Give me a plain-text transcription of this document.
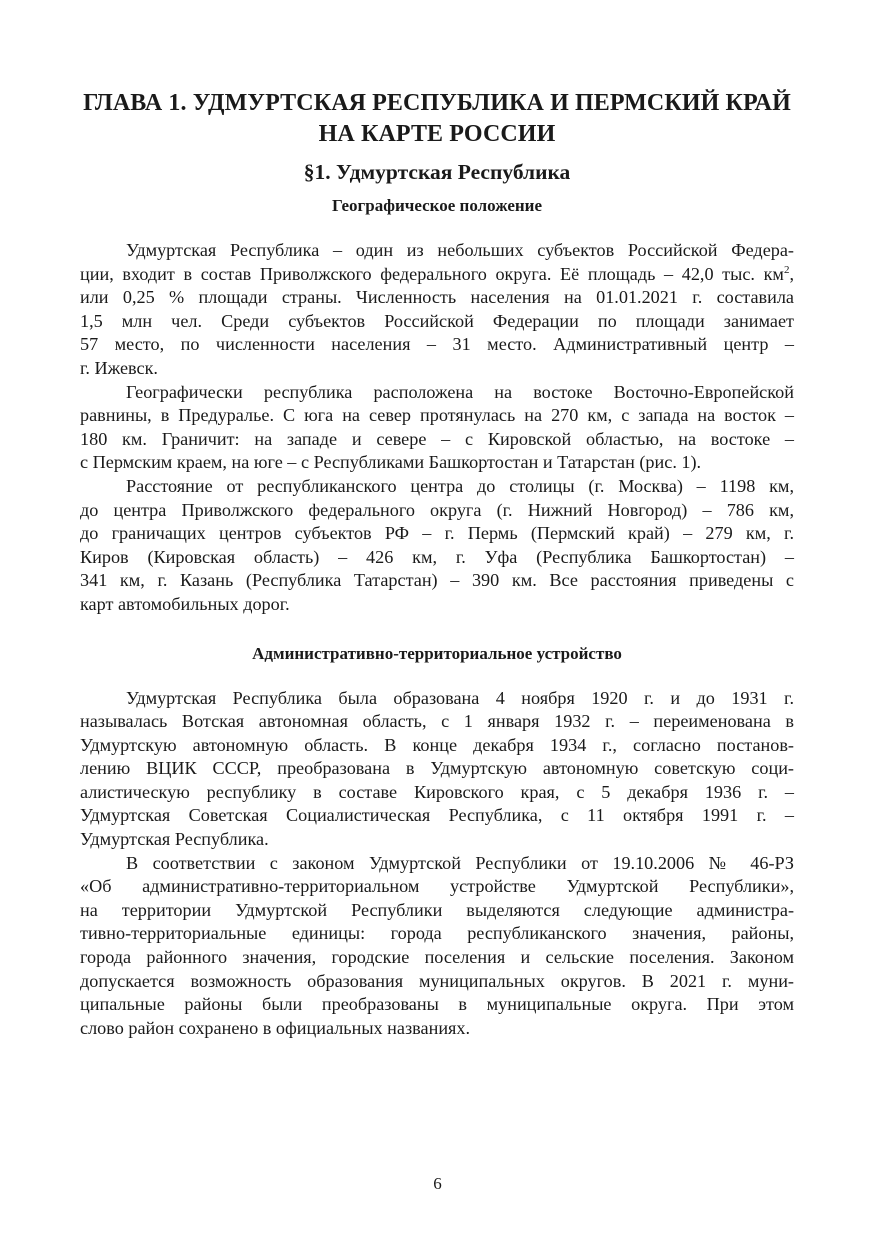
ГЛАВА 1. УДМУРТСКАЯ РЕСПУБЛИКА И ПЕРМСКИЙ КРАЙ
НА КАРТЕ РОССИИ
§1. Удмуртская Республика
Географическое положение

Удмуртская Республика – один из небольших субъектов Российской Федера-
ции, входит в состав Приволжского федерального округа. Её площадь – 42,0 тыс. $км^2$,
или 0,25 % площади страны. Численность населения на 01.01.2021 г. составила
1,5 млн чел. Среди субъектов Российской Федерации по площади занимает
57 место, по численности населения – 31 место. Административный центр –
г. Ижевск.

Географически республика расположена на востоке Восточно-Европейской
равнины, в Предуралье. С юга на север протянулась на 270 км, с запада на восток –
180 км. Граничит: на западе и севере – с Кировской областью, на востоке –
с Пермским краем, на юге – с Республиками Башкортостан и Татарстан (рис. 1).

Расстояние от республиканского центра до столицы (г. Москва) – 1198 км,
до центра Приволжского федерального округа (г. Нижний Новгород) – 786 км,
до граничащих центров субъектов РФ – г. Пермь (Пермский край) – 279 км, г.
Киров (Кировская область) – 426 км, г. Уфа (Республика Башкортостан) –
341 км, г. Казань (Республика Татарстан) – 390 км. Все расстояния приведены с
карт автомобильных дорог.

Административно-территориальное устройство

Удмуртская Республика была образована 4 ноября 1920 г. и до 1931 г.
называлась Вотская автономная область, с 1 января 1932 г. – переименована в
Удмуртскую автономную область. В конце декабря 1934 г., согласно постанов-
лению ВЦИК СССР, преобразована в Удмуртскую автономную советскую соци-
алистическую республику в составе Кировского края, с 5 декабря 1936 г. –
Удмуртская Советская Социалистическая Республика, с 11 октября 1991 г. –
Удмуртская Республика.

В соответствии с законом Удмуртской Республики от 19.10.2006 № 46-РЗ
«Об административно-территориальном устройстве Удмуртской Республики»,
на территории Удмуртской Республики выделяются следующие администра-
тивно-территориальные единицы: города республиканского значения, районы,
города районного значения, городские поселения и сельские поселения. Законом
допускается возможность образования муниципальных округов. В 2021 г. муни-
ципальные районы были преобразованы в муниципальные округа. При этом
слово район сохранено в официальных названиях.

6
